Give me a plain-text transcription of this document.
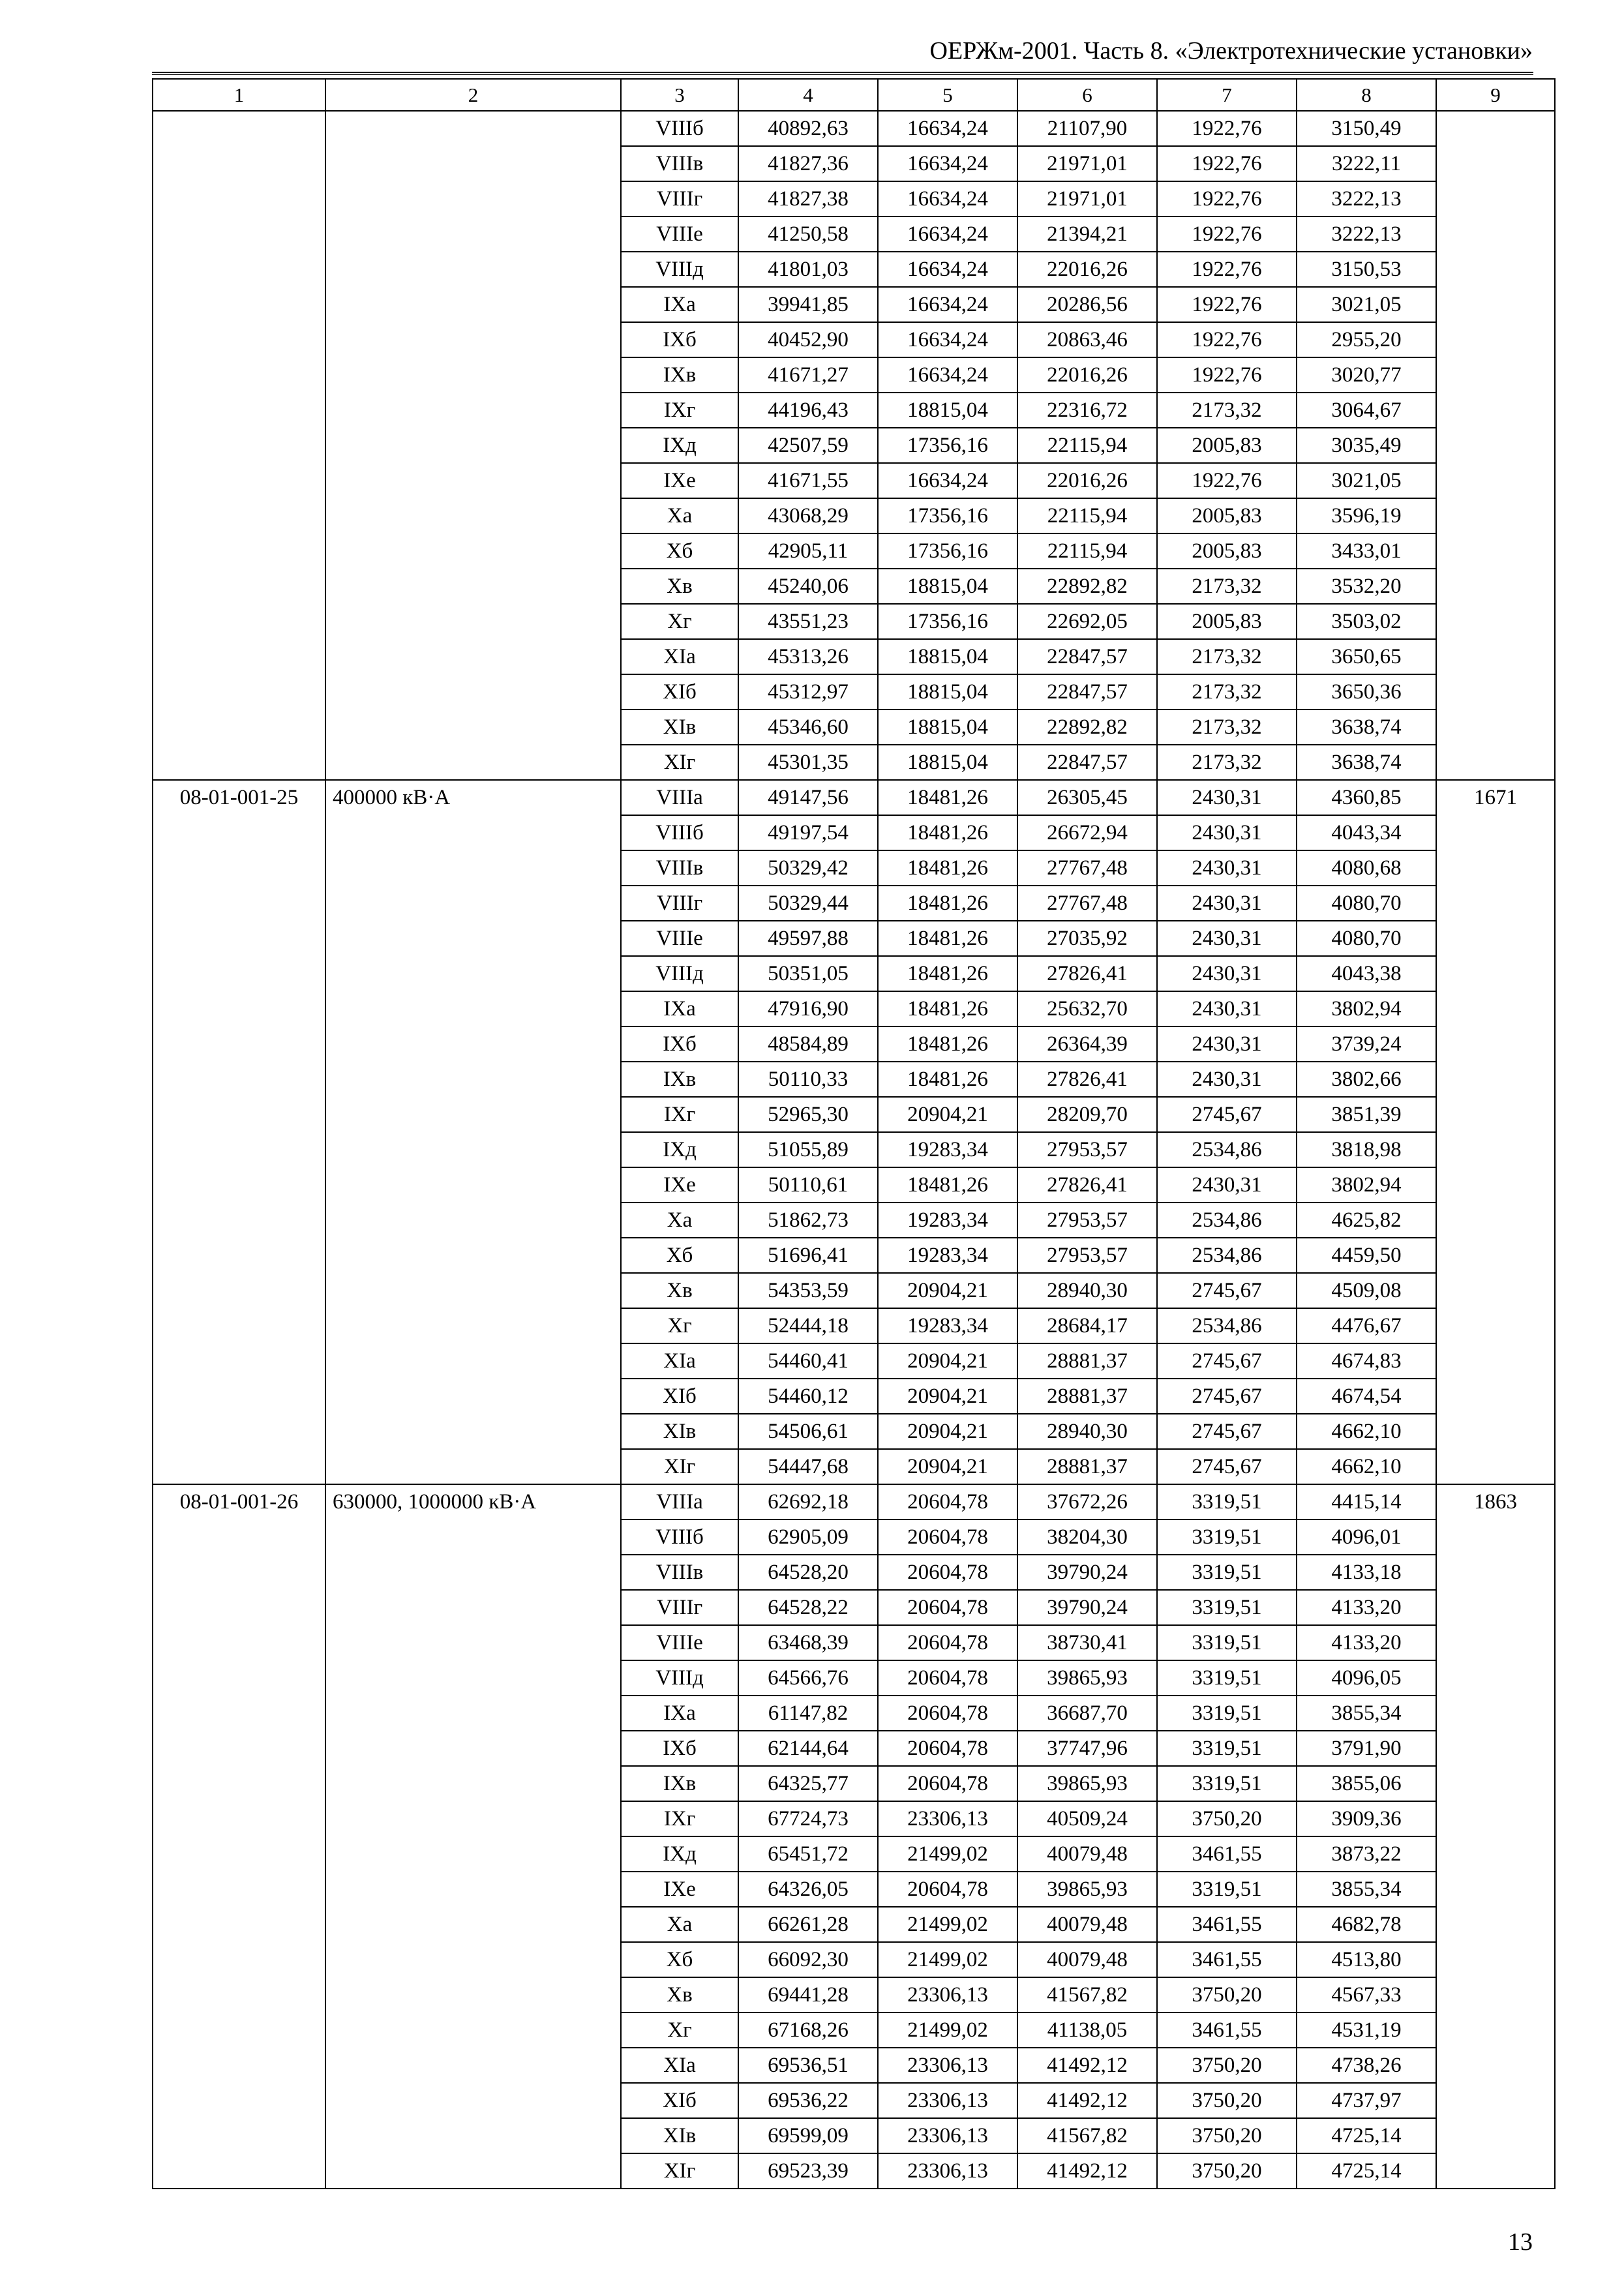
ОЕРЖм-2001. Часть 8. «Электротехнические установки»
1	2	3	4	5	6	7	8	9
		VIIIб	40892,63	16634,24	21107,90	1922,76	3150,49	
		VIIIв	41827,36	16634,24	21971,01	1922,76	3222,11	
		VIIIг	41827,38	16634,24	21971,01	1922,76	3222,13	
		VIIIе	41250,58	16634,24	21394,21	1922,76	3222,13	
		VIIIд	41801,03	16634,24	22016,26	1922,76	3150,53	
		IXа	39941,85	16634,24	20286,56	1922,76	3021,05	
		IXб	40452,90	16634,24	20863,46	1922,76	2955,20	
		IXв	41671,27	16634,24	22016,26	1922,76	3020,77	
		IXг	44196,43	18815,04	22316,72	2173,32	3064,67	
		IXд	42507,59	17356,16	22115,94	2005,83	3035,49	
		IXе	41671,55	16634,24	22016,26	1922,76	3021,05	
		Xа	43068,29	17356,16	22115,94	2005,83	3596,19	
		Xб	42905,11	17356,16	22115,94	2005,83	3433,01	
		Xв	45240,06	18815,04	22892,82	2173,32	3532,20	
		Xг	43551,23	17356,16	22692,05	2005,83	3503,02	
		XIа	45313,26	18815,04	22847,57	2173,32	3650,65	
		XIб	45312,97	18815,04	22847,57	2173,32	3650,36	
		XIв	45346,60	18815,04	22892,82	2173,32	3638,74	
		XIг	45301,35	18815,04	22847,57	2173,32	3638,74	
08-01-001-25	400000 кВ·А	VIIIа	49147,56	18481,26	26305,45	2430,31	4360,85	1671
		VIIIб	49197,54	18481,26	26672,94	2430,31	4043,34	
		VIIIв	50329,42	18481,26	27767,48	2430,31	4080,68	
		VIIIг	50329,44	18481,26	27767,48	2430,31	4080,70	
		VIIIе	49597,88	18481,26	27035,92	2430,31	4080,70	
		VIIIд	50351,05	18481,26	27826,41	2430,31	4043,38	
		IXа	47916,90	18481,26	25632,70	2430,31	3802,94	
		IXб	48584,89	18481,26	26364,39	2430,31	3739,24	
		IXв	50110,33	18481,26	27826,41	2430,31	3802,66	
		IXг	52965,30	20904,21	28209,70	2745,67	3851,39	
		IXд	51055,89	19283,34	27953,57	2534,86	3818,98	
		IXе	50110,61	18481,26	27826,41	2430,31	3802,94	
		Xа	51862,73	19283,34	27953,57	2534,86	4625,82	
		Xб	51696,41	19283,34	27953,57	2534,86	4459,50	
		Xв	54353,59	20904,21	28940,30	2745,67	4509,08	
		Xг	52444,18	19283,34	28684,17	2534,86	4476,67	
		XIа	54460,41	20904,21	28881,37	2745,67	4674,83	
		XIб	54460,12	20904,21	28881,37	2745,67	4674,54	
		XIв	54506,61	20904,21	28940,30	2745,67	4662,10	
		XIг	54447,68	20904,21	28881,37	2745,67	4662,10	
08-01-001-26	630000, 1000000 кВ·А	VIIIа	62692,18	20604,78	37672,26	3319,51	4415,14	1863
		VIIIб	62905,09	20604,78	38204,30	3319,51	4096,01	
		VIIIв	64528,20	20604,78	39790,24	3319,51	4133,18	
		VIIIг	64528,22	20604,78	39790,24	3319,51	4133,20	
		VIIIе	63468,39	20604,78	38730,41	3319,51	4133,20	
		VIIIд	64566,76	20604,78	39865,93	3319,51	4096,05	
		IXа	61147,82	20604,78	36687,70	3319,51	3855,34	
		IXб	62144,64	20604,78	37747,96	3319,51	3791,90	
		IXв	64325,77	20604,78	39865,93	3319,51	3855,06	
		IXг	67724,73	23306,13	40509,24	3750,20	3909,36	
		IXд	65451,72	21499,02	40079,48	3461,55	3873,22	
		IXе	64326,05	20604,78	39865,93	3319,51	3855,34	
		Xа	66261,28	21499,02	40079,48	3461,55	4682,78	
		Xб	66092,30	21499,02	40079,48	3461,55	4513,80	
		Xв	69441,28	23306,13	41567,82	3750,20	4567,33	
		Xг	67168,26	21499,02	41138,05	3461,55	4531,19	
		XIа	69536,51	23306,13	41492,12	3750,20	4738,26	
		XIб	69536,22	23306,13	41492,12	3750,20	4737,97	
		XIв	69599,09	23306,13	41567,82	3750,20	4725,14	
		XIг	69523,39	23306,13	41492,12	3750,20	4725,14	
13
